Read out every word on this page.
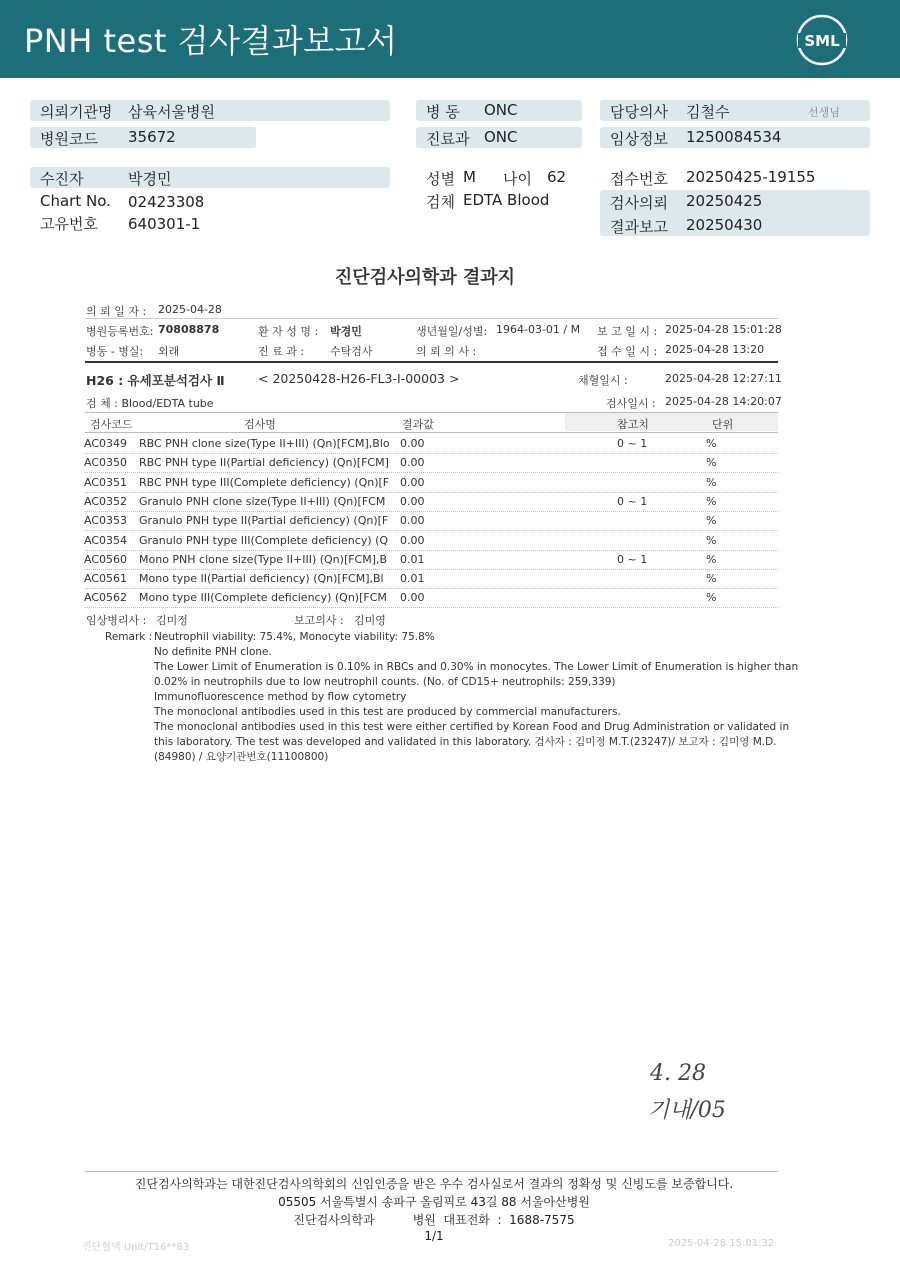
PNH test 검사결과보고서	SML
의뢰기관명 삼육서울병원	병 동 ONC	담당의사 김철수	선생님
병원코드 35672	진료과 ONC	임상정보 1250084534
수진자	박경민	성별 M 나이 62	접수번호 20250425-19155
Chart No. 02423308	검체 EDTA Blood	검사의뢰 20250425
고유번호 640301-1	결과보고 20250430
진단검사의학과 결과지
의 뢰 일 자 : 2025-04-28
병원등록번호: 70808878	환 자 성 명 : 박경민	생년월일/성별: 1964-03-01 / M 보 고 일 시 : 2025-04-28 15:01:28
병동 - 병실: 외래	진 료 과 : 수탁검사	의 뢰 의 사 :	접 수 일 시 : 2025-04-28 13:20
H26 : 유세포분석검사 Ⅱ	< 20250428-H26-FL3-I-00003 >	채혈일시 :	2025-04-28 12:27:11
검 체 : Blood/EDTA tube	검사일시 : 2025-04-28 14:20:07
검사코드	검사명	결과값	참고치	단위
AC0349 RBC PNH clone size(Type II+III) (Qn)[FCM],Blo 0.00	0 ~ 1	%
AC0350 RBC PNH type II(Partial deficiency) (Qn)[FCM] 0.00	%
AC0351 RBC PNH type III(Complete deficiency) (Qn)[F 0.00	%
AC0352 Granulo PNH clone size(Type II+III) (Qn)[FCM 0.00	0 ~ 1	%
AC0353 Granulo PNH type II(Partial deficiency) (Qn)[F 0.00	%
AC0354 Granulo PNH type III(Complete deficiency) (Q 0.00	%
AC0560 Mono PNH clone size(Type II+III) (Qn)[FCM],B 0.01	0 ~ 1	%
AC0561 Mono type II(Partial deficiency) (Qn)[FCM],Bl 0.01	%
AC0562 Mono type III(Complete deficiency) (Qn)[FCM 0.00	%
임상병리사 : 김미정	보고의사 : 김미영
Remark : Neutrophil viability: 75.4%, Monocyte viability: 75.8%
No definite PNH clone.
The Lower Limit of Enumeration is 0.10% in RBCs and 0.30% in monocytes. The Lower Limit of Enumeration is higher than
0.02% in neutrophils due to low neutrophil counts. (No. of CD15+ neutrophils: 259,339)
Immunofluorescence method by flow cytometry
The monoclonal antibodies used in this test are produced by commercial manufacturers.
The monoclonal antibodies used in this test were either certified by Korean Food and Drug Administration or validated in
this laboratory. The test was developed and validated in this laboratory. 검사자 : 김미정 M.T.(23247)/ 보고자 : 김미영 M.D.
(84980) / 요양기관번호(11100800)
4. 28
기내/05
진단검사의학과는 대한진단검사의학회의 신임인증을 받은 우수 검사실로서 결과의 정확성 및 신빙도를 보증합니다.
05505 서울특별시 송파구 올림픽로 43길 88 서울아산병원
진단검사의학과          병원  대표전화  :  1688-7575
1/1
진단혈액 Unit/T16**83	2025-04-28 15:01:32
